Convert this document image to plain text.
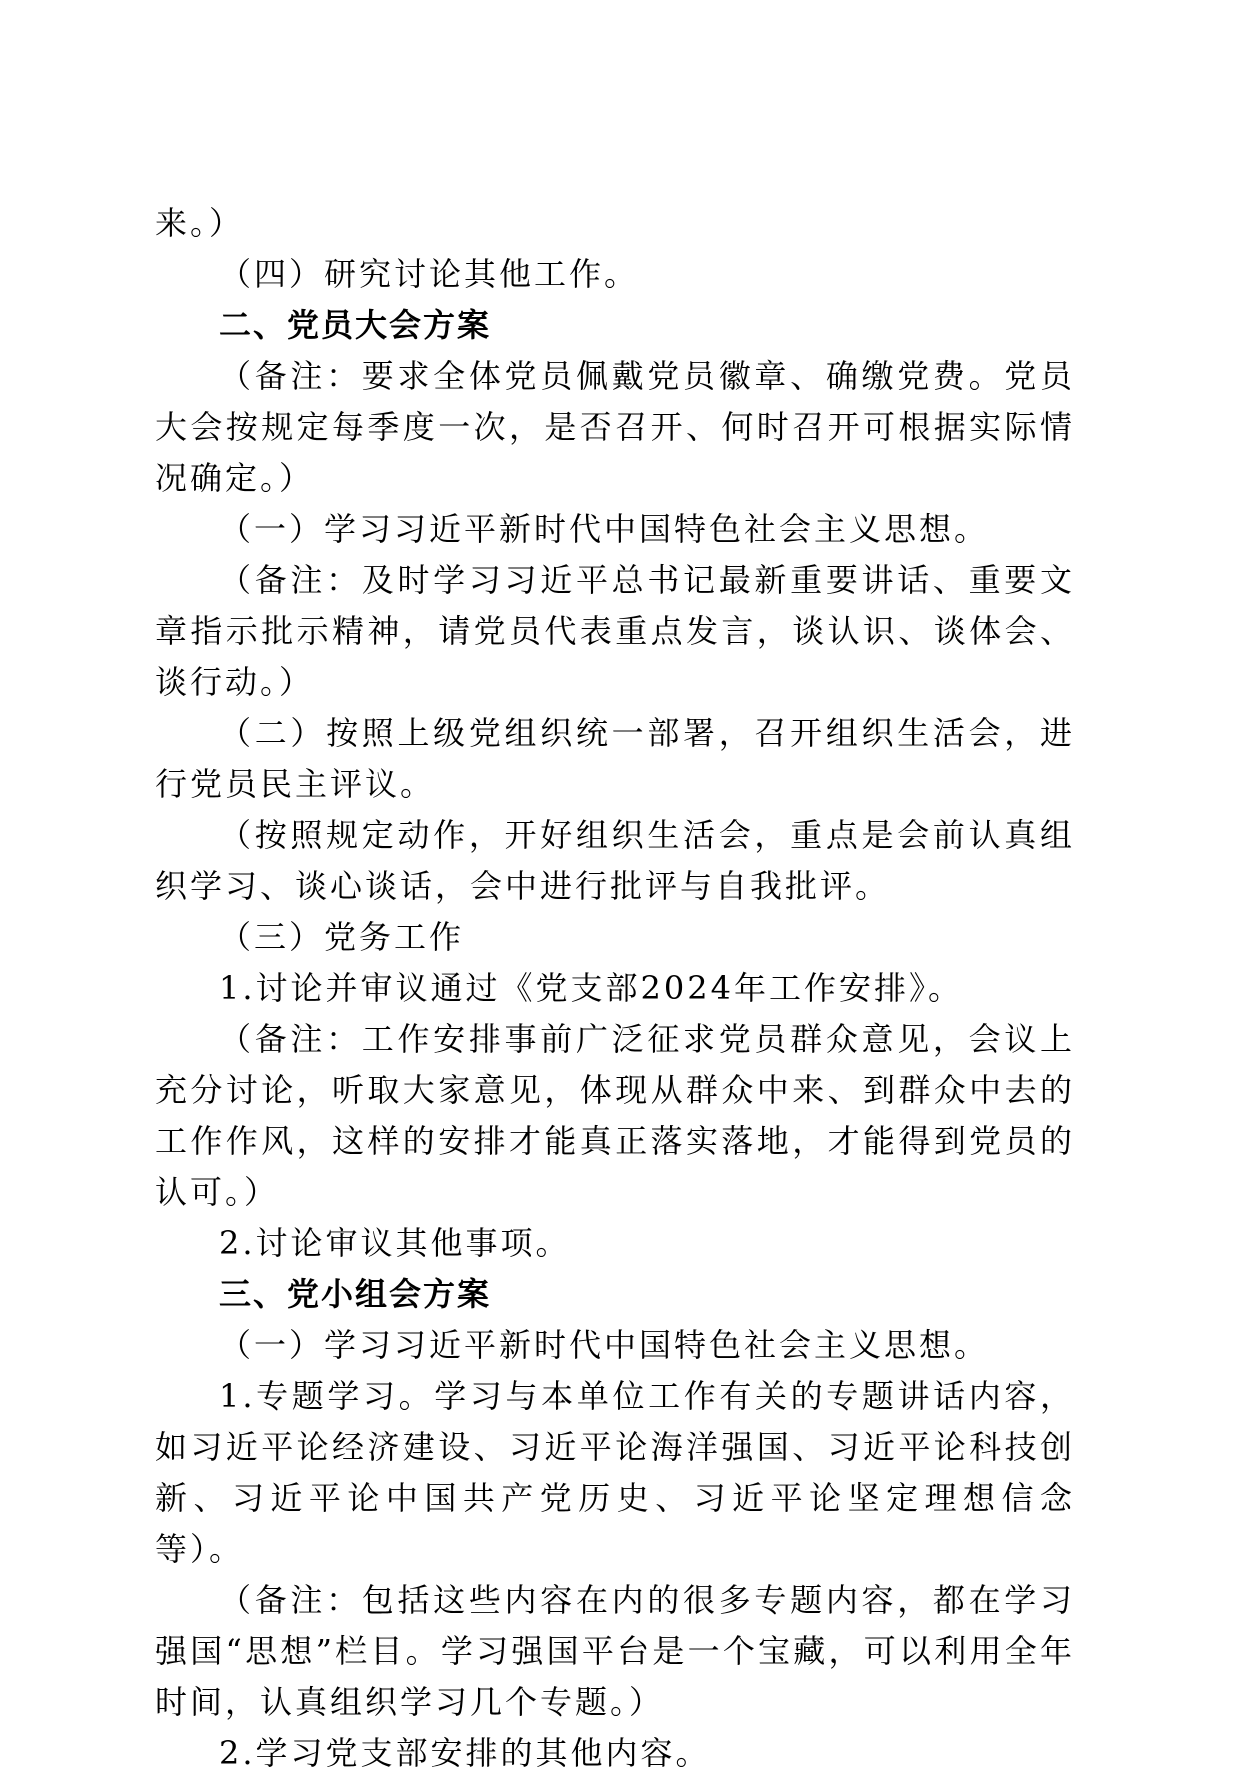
来。）

（四）研究讨论其他工作。

二、党员大会方案

（备注：要求全体党员佩戴党员徽章、确缴党费。党员大会按规定每季度一次，是否召开、何时召开可根据实际情况确定。）

（一）学习习近平新时代中国特色社会主义思想。

（备注：及时学习习近平总书记最新重要讲话、重要文章指示批示精神，请党员代表重点发言，谈认识、谈体会、谈行动。）

（二）按照上级党组织统一部署，召开组织生活会，进行党员民主评议。

（按照规定动作，开好组织生活会，重点是会前认真组织学习、谈心谈话，会中进行批评与自我批评。

（三）党务工作

1.讨论并审议通过《党支部2024年工作安排》。

（备注：工作安排事前广泛征求党员群众意见，会议上充分讨论，听取大家意见，体现从群众中来、到群众中去的工作作风，这样的安排才能真正落实落地，才能得到党员的认可。）

2.讨论审议其他事项。

三、党小组会方案

（一）学习习近平新时代中国特色社会主义思想。

1.专题学习。学习与本单位工作有关的专题讲话内容，如习近平论经济建设、习近平论海洋强国、习近平论科技创新、习近平论中国共产党历史、习近平论坚定理想信念等）。

（备注：包括这些内容在内的很多专题内容，都在学习强国“思想”栏目。学习强国平台是一个宝藏，可以利用全年时间，认真组织学习几个专题。）

2.学习党支部安排的其他内容。
